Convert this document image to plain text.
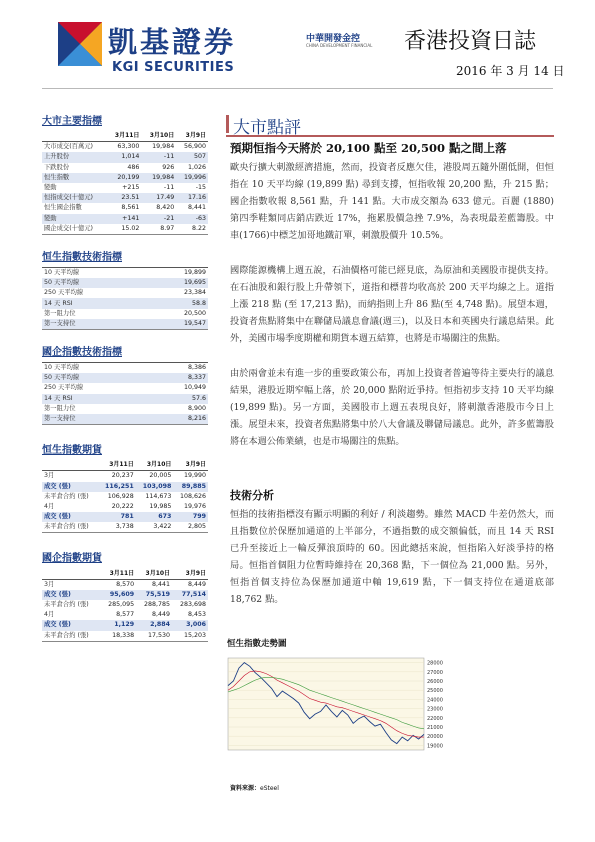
凱基證券
KGI SECURITIES
中華開發金控
CHINA DEVELOPMENT FINANCIAL 香港投資日誌
2016 年 3 月 14 日
大市主要指標
	3月11日	3月10日	3月9日
大市成交(百萬元)	63,300	19,984	56,900
上升股份	1,014	-11	507
下跌股份	486	926	1,026
恒生指數	20,199	19,984	19,996
變動	+215	-11	-15
恒指成交(十億元)	23.51	17.49	17.16
恒生國企指數	8,561	8,420	8,441
變動	+141	-21	-63
國企成交(十億元)	15.02	8.97	8.22
恒生指數技術指標
10 天平均線	19,899
50 天平均線	19,695
250 天平均線	23,384
14 天 RSI	58.8
第一阻力位	20,500
第一支持位	19,547
國企指數技術指標
10 天平均線	8,386
50 天平均線	8,337
250 天平均線	10,949
14 天 RSI	57.6
第一阻力位	8,900
第一支持位	8,216
恒生指數期貨
	3月11日	3月10日	3月9日
3月	20,237	20,005	19,990
成交 (張)	116,251	103,098	89,885
未平倉合約 (張)	106,928	114,673	108,626
4月	20,222	19,985	19,976
成交 (張)	781	673	799
未平倉合約 (張)	3,738	3,422	2,805
國企指數期貨
	3月11日	3月10日	3月9日
3月	8,570	8,441	8,449
成交 (張)	95,609	75,519	77,514
未平倉合約 (張)	285,095	288,785	283,698
4月	8,577	8,449	8,453
成交 (張)	1,129	2,884	3,006
未平倉合約 (張)	18,338	17,530	15,203
大市點評
預期恒指今天將於 20,100 點至 20,500 點之間上落
歐央行擴大刺激經濟措施，然而，投資者反應欠佳，港股周五隨外圍低開，但恒指在 10 天平均線 (19,899 點) 尋到支撐，恒指收報 20,200 點，升 215 點；國企指數收報 8,561 點，升 141 點。大市成交額為 633 億元。百麗 (1880) 第四季鞋類同店銷店跌近 17%，拖累股價急挫 7.9%，為表現最差藍籌股。中車(1766)中標芝加哥地鐵訂單，刺激股價升 10.5%。
國際能源機構上週五說，石油價格可能已經見底，為原油和美國股市提供支持。在石油股和銀行股上升帶領下，道指和標普均收高於 200 天平均線之上。道指上漲 218 點 (至 17,213 點)，而納指則上升 86 點(至 4,748 點)。展望本週，投資者焦點將集中在聯儲局議息會議(週三)，以及日本和英國央行議息結果。此外，美國市場季度期權和期貨本週五結算，也將是市場關注的焦點。
由於兩會並未有進一步的重要政策公布，再加上投資者普遍等待主要央行的議息結果，港股近期窄幅上落，於 20,000 點附近爭持。恒指初步支持 10 天平均線(19,899 點)。另一方面，美國股市上週五表現良好，將刺激香港股市今日上漲。展望未來，投資者焦點將集中於八大會議及聯儲局議息。此外，許多藍籌股將在本週公佈業績，也是市場關注的焦點。
技術分析
恒指的技術指標沒有顯示明顯的利好 / 利淡趨勢。雖然 MACD 牛差仍然大，而且指數位於保歷加通道的上半部分，不過指數的成交額偏低，而且 14 天 RSI 已升至接近上一輪反彈浪頂時的 60。因此總括來說，恒指陷入好淡爭持的格局。恒指首個阻力位暫時維持在 20,368 點，下一個位為 21,000 點。另外，恒指首個支持位為保歷加通道中軸 19,619 點，下一個支持位在通道底部 18,762 點。
恒生指數走勢圖
28000
27000
26000
25000
24000
23000
22000
21000
20000
19000
資料來源：eSteel
